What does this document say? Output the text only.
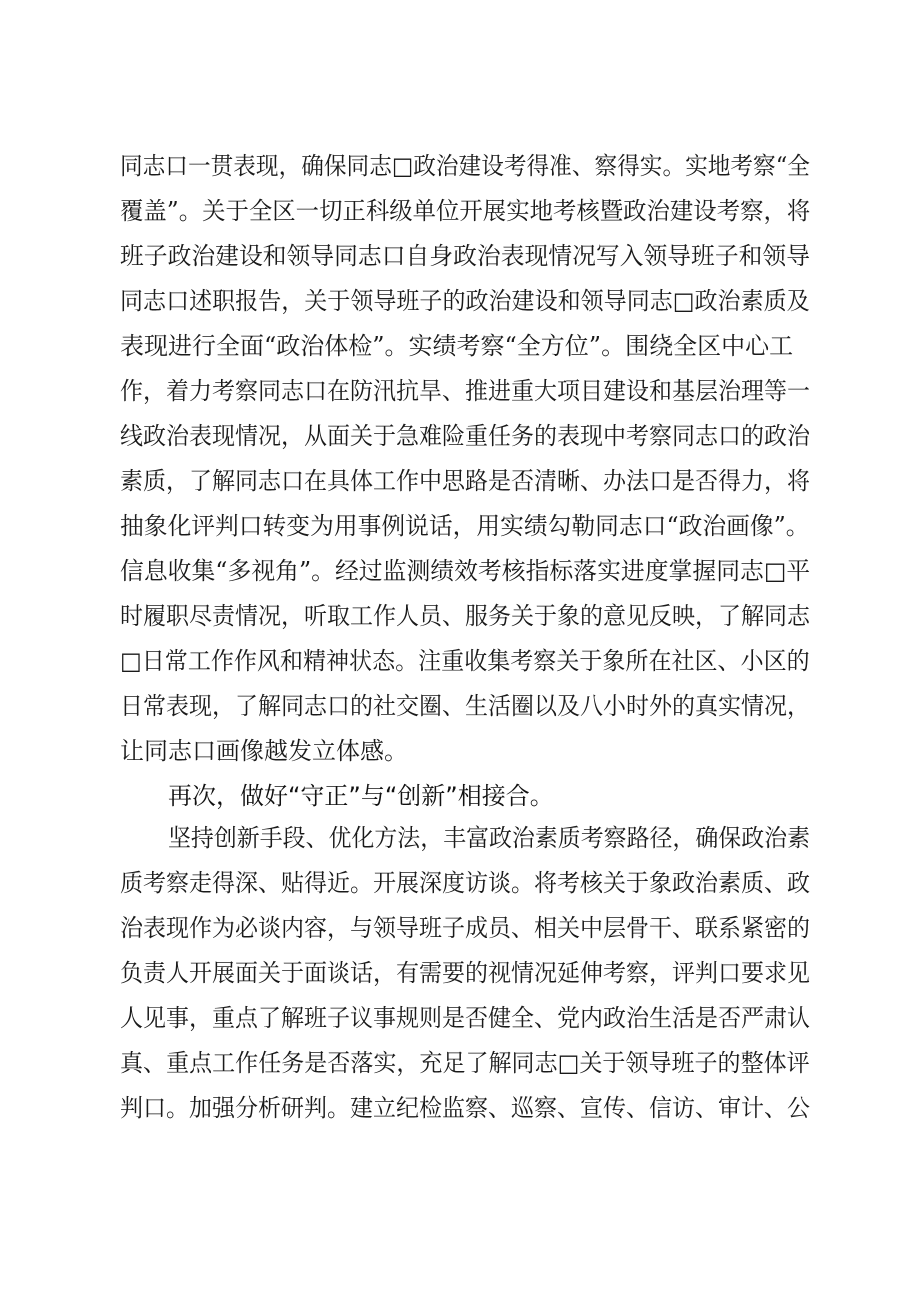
同志口一贯表现，确保同志□政治建设考得准、察得实。实地考察“全
覆盖”。关于全区一切正科级单位开展实地考核暨政治建设考察，将
班子政治建设和领导同志口自身政治表现情况写入领导班子和领导
同志口述职报告，关于领导班子的政治建设和领导同志□政治素质及
表现进行全面“政治体检”。实绩考察“全方位”。围绕全区中心工
作，着力考察同志口在防汛抗旱、推进重大项目建设和基层治理等一
线政治表现情况，从面关于急难险重任务的表现中考察同志口的政治
素质，了解同志口在具体工作中思路是否清晰、办法口是否得力，将
抽象化评判口转变为用事例说话，用实绩勾勒同志口“政治画像”。
信息收集“多视角”。经过监测绩效考核指标落实进度掌握同志□平
时履职尽责情况，听取工作人员、服务关于象的意见反映，了解同志
□日常工作作风和精神状态。注重收集考察关于象所在社区、小区的
日常表现，了解同志口的社交圈、生活圈以及八小时外的真实情况，
让同志口画像越发立体感。
再次，做好“守正”与“创新”相接合。
坚持创新手段、优化方法，丰富政治素质考察路径，确保政治素
质考察走得深、贴得近。开展深度访谈。将考核关于象政治素质、政
治表现作为必谈内容，与领导班子成员、相关中层骨干、联系紧密的
负责人开展面关于面谈话，有需要的视情况延伸考察，评判口要求见
人见事，重点了解班子议事规则是否健全、党内政治生活是否严肃认
真、重点工作任务是否落实，充足了解同志□关于领导班子的整体评
判口。加强分析研判。建立纪检监察、巡察、宣传、信访、审计、公
